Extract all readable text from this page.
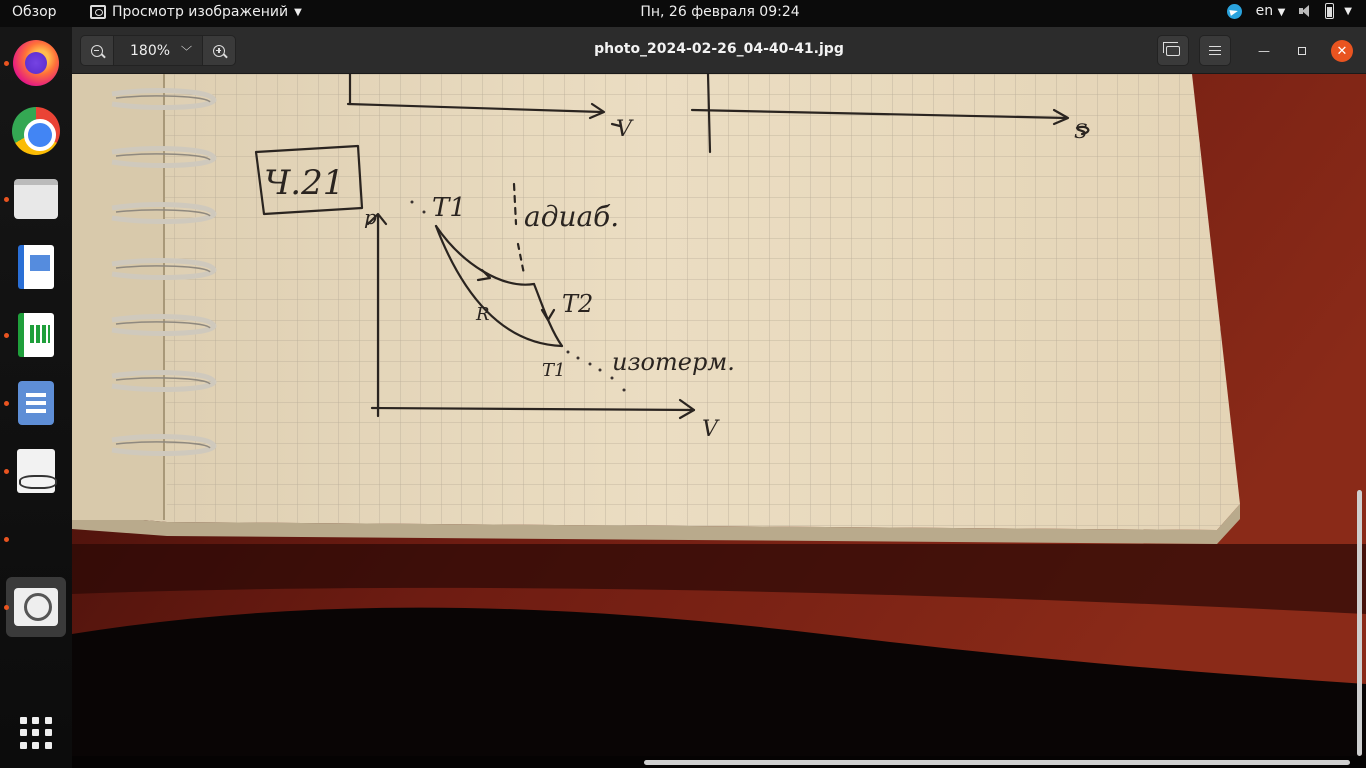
Обзор	Просмотр изображений ▼	Пн, 26 февраля 09:24	en ▼	▼
180% ﹀	photo_2024-02-26_04-40-41.jpg	—	✕
Ч.21
p T1 адиаб.
T2
R
изотерм.
T1
V
V	S
